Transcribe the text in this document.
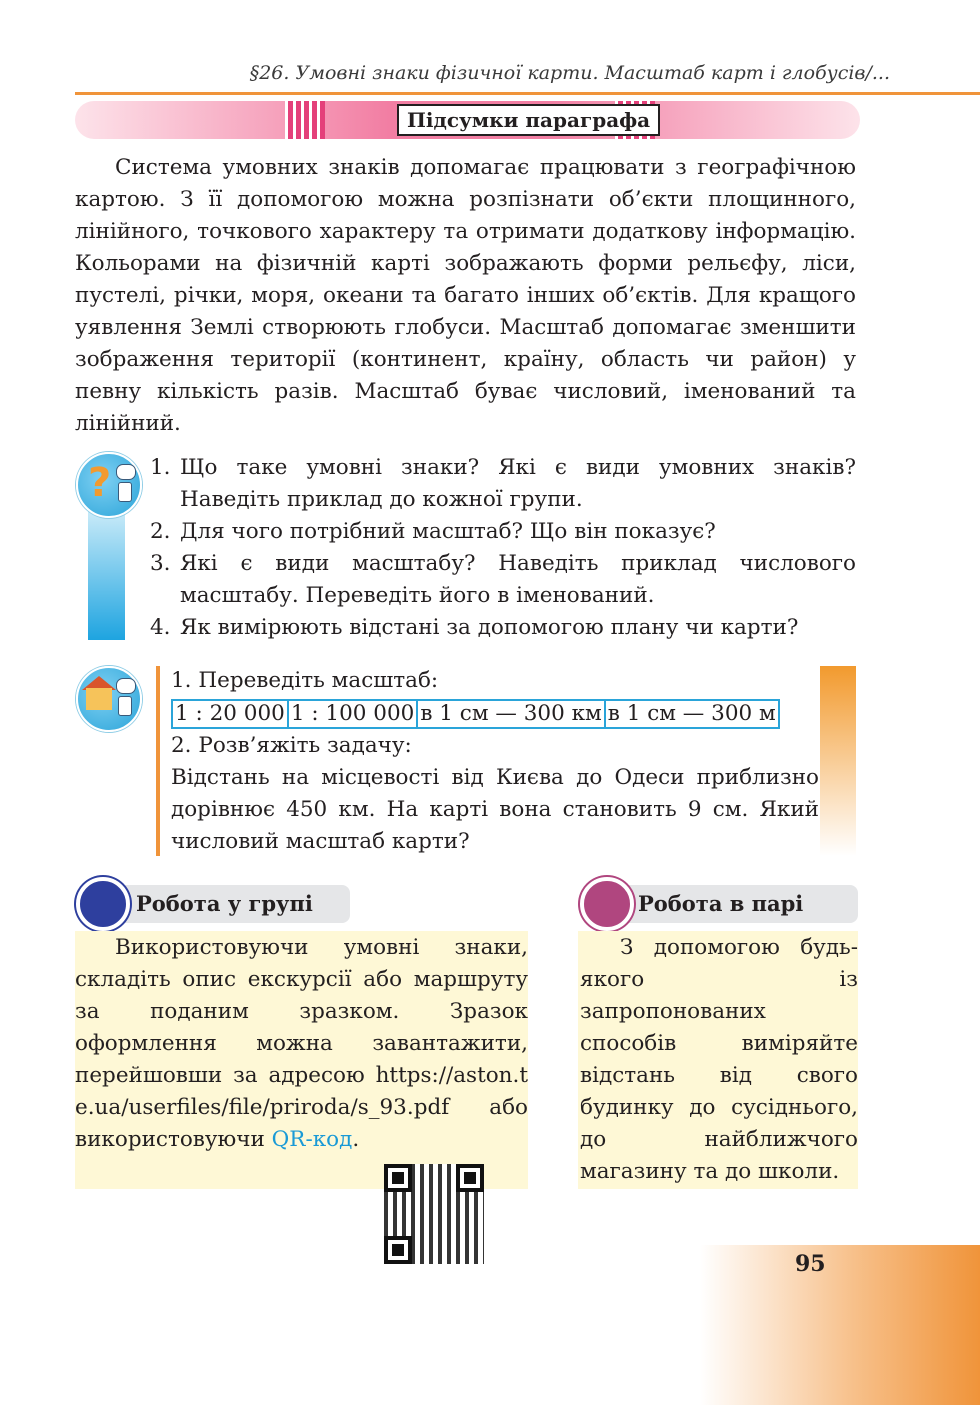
§26. Умовні знаки фізичної карти. Масштаб карт і глобусів/...
Підсумки параграфа

Система умовних знаків допомагає працювати з географічною картою. З її допомогою можна розпізнати об’єкти площинного, лінійного, точкового характеру та отримати додаткову інформацію. Кольорами на фізичній карті зображають форми рельєфу, ліси, пустелі, річки, моря, океани та багато інших об’єктів. Для кращого уявлення Землі створюють глобуси. Масштаб допомагає зменшити зображення території (континент, країну, область чи район) у певну кількість разів. Масштаб буває числовий, іменований та лінійний.

? 1. Що таке умовні знаки? Які є види умовних знаків? Наведіть приклад до кожної групи.
2. Для чого потрібний масштаб? Що він показує?
3. Які є види масштабу? Наведіть приклад числового масштабу. Переведіть його в іменований.
4. Як вимірюють відстані за допомогою плану чи карти?

1. Переведіть масштаб:

1 : 20 000 1 : 100 000 в 1 см — 300 км в 1 см — 300 м

2. Розв’яжіть задачу:

Відстань на місцевості від Києва до Одеси приблизно дорівнює 450 км. На карті вона становить 9 см. Який числовий масштаб карти?

Робота у групі

Використовуючи умовні знаки, складіть опис екскурсії або маршруту за поданим зразком. Зразок оформлення можна завантажити, перейшовши за адресою https://aston.te.ua/userfiles/file/priroda/s_93.pdf або використовуючи QR-код.

Робота в парі

З допомогою будь-якого із запропонованих способів виміряйте відстань від свого будинку до сусіднього, до найближчого магазину та до школи.

95
